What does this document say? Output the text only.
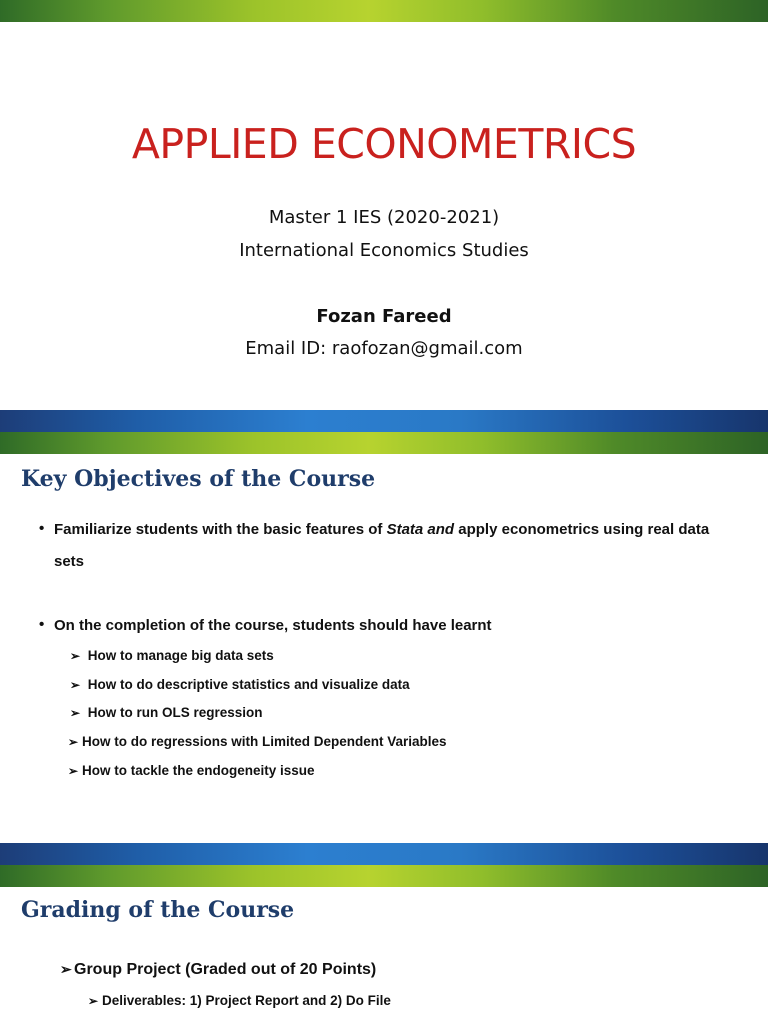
APPLIED ECONOMETRICS
Master 1 IES (2020-2021)
International Economics Studies
Fozan Fareed
Email ID: raofozan@gmail.com
Key Objectives of the Course
• Familiarize students with the basic features of Stata and apply econometrics using real data
sets
• On the completion of the course, students should have learnt
➢ How to manage big data sets
➢ How to do descriptive statistics and visualize data
➢ How to run OLS regression
➢ How to do regressions with Limited Dependent Variables
➢ How to tackle the endogeneity issue
Grading of the Course
➢ Group Project (Graded out of 20 Points)
➢ Deliverables: 1) Project Report and 2) Do File
